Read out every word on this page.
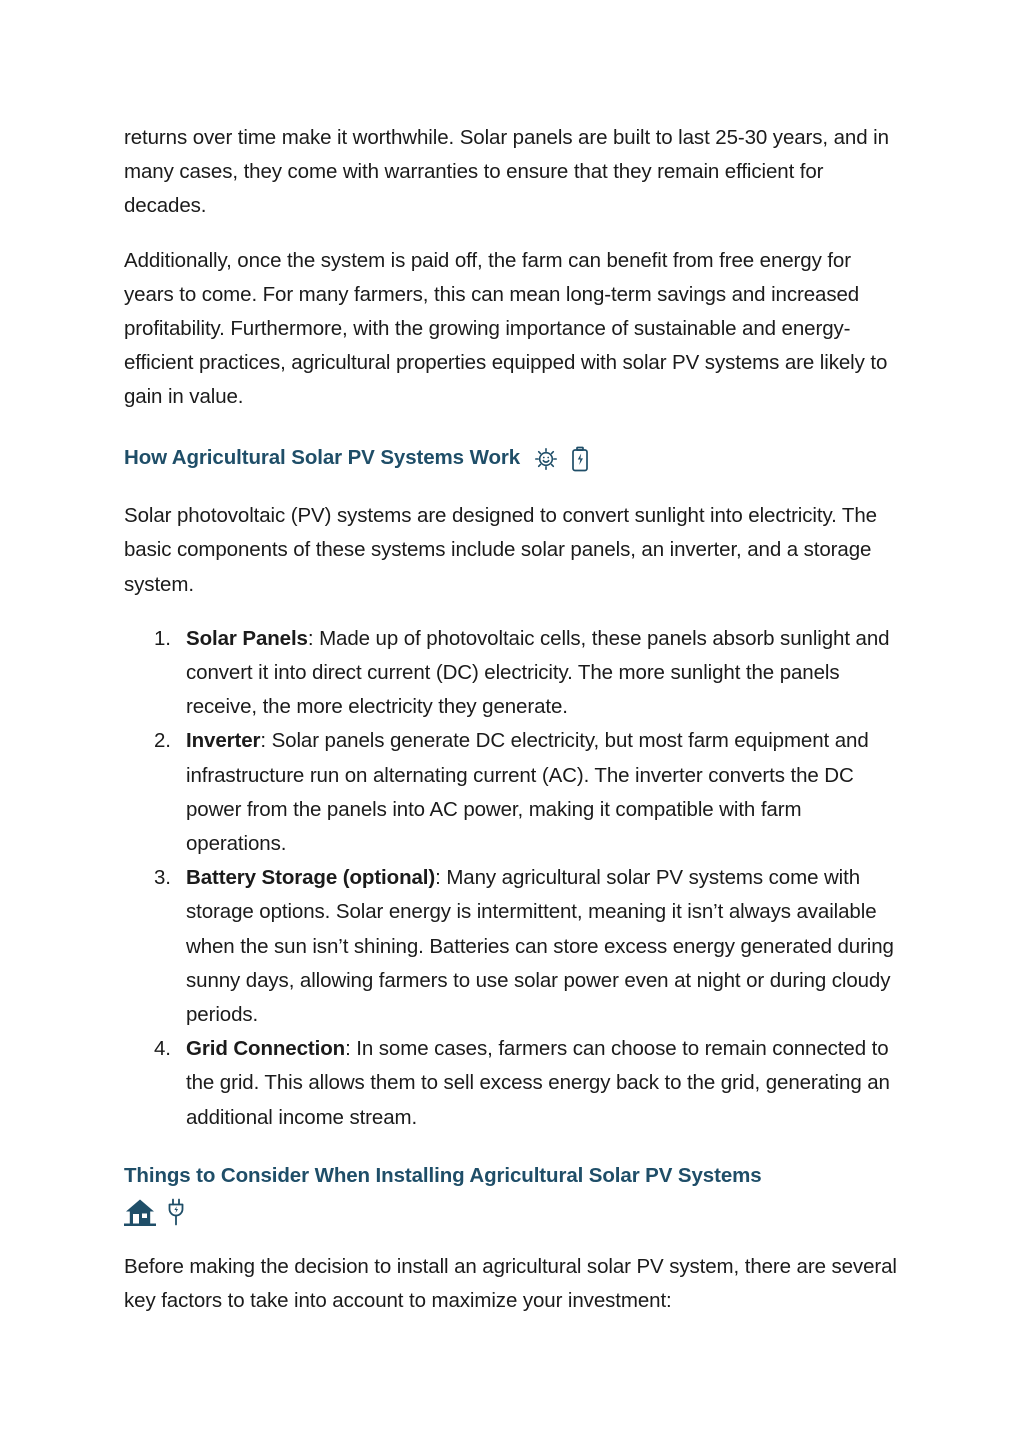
returns over time make it worthwhile. Solar panels are built to last 25-30 years, and in many cases, they come with warranties to ensure that they remain efficient for decades.

Additionally, once the system is paid off, the farm can benefit from free energy for years to come. For many farmers, this can mean long-term savings and increased profitability. Furthermore, with the growing importance of sustainable and energy-efficient practices, agricultural properties equipped with solar PV systems are likely to gain in value.

How Agricultural Solar PV Systems Work

Solar photovoltaic (PV) systems are designed to convert sunlight into electricity. The basic components of these systems include solar panels, an inverter, and a storage system.

1. Solar Panels: Made up of photovoltaic cells, these panels absorb sunlight and convert it into direct current (DC) electricity. The more sunlight the panels receive, the more electricity they generate.
2. Inverter: Solar panels generate DC electricity, but most farm equipment and infrastructure run on alternating current (AC). The inverter converts the DC power from the panels into AC power, making it compatible with farm operations.
3. Battery Storage (optional): Many agricultural solar PV systems come with storage options. Solar energy is intermittent, meaning it isn’t always available when the sun isn’t shining. Batteries can store excess energy generated during sunny days, allowing farmers to use solar power even at night or during cloudy periods.
4. Grid Connection: In some cases, farmers can choose to remain connected to the grid. This allows them to sell excess energy back to the grid, generating an additional income stream.
Things to Consider When Installing Agricultural Solar PV Systems

Before making the decision to install an agricultural solar PV system, there are several key factors to take into account to maximize your investment:
